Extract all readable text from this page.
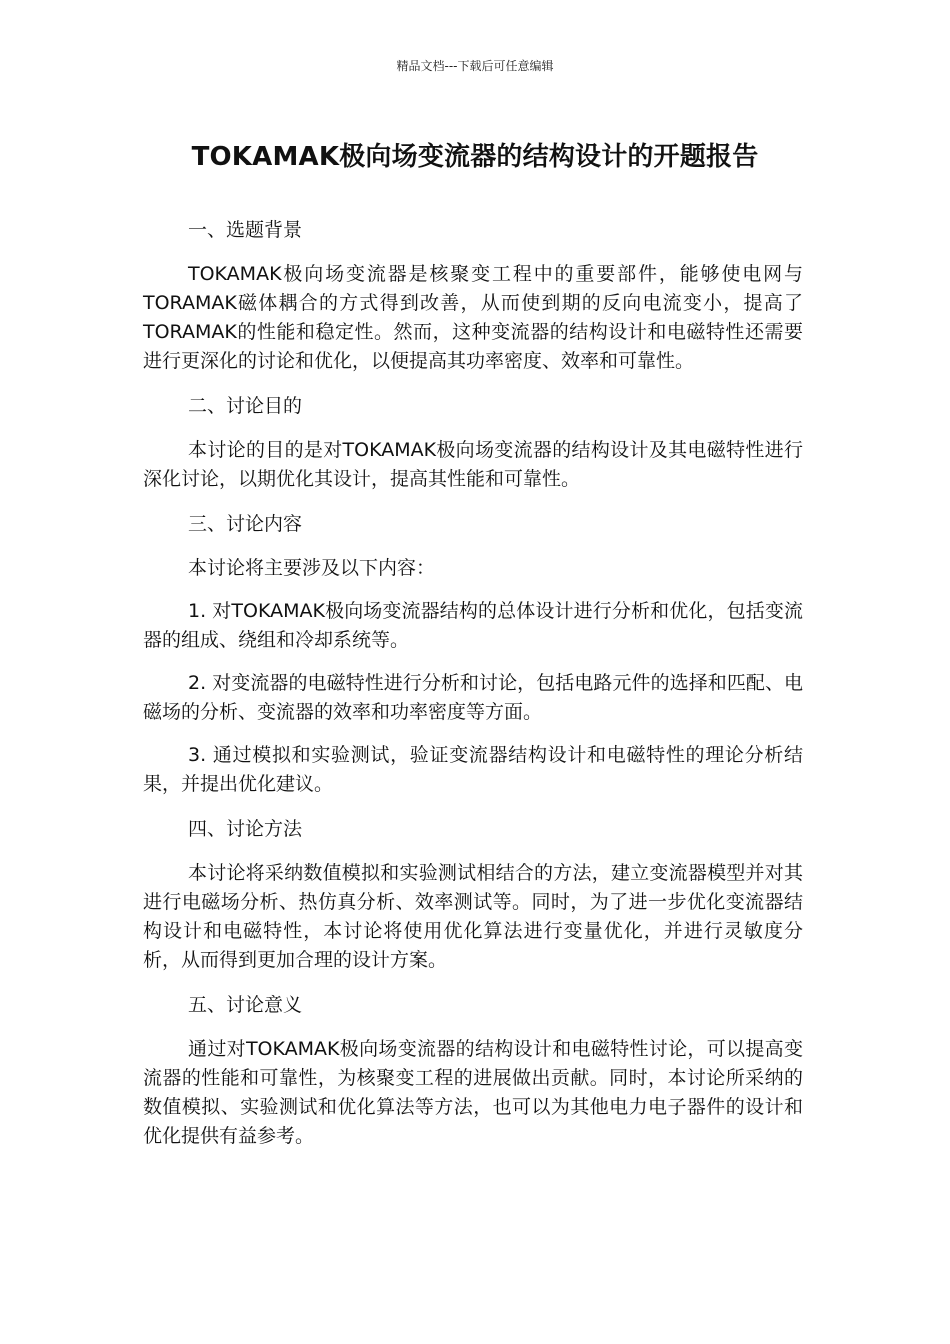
精品文档---下载后可任意编辑
TOKAMAK极向场变流器的结构设计的开题报告

一、选题背景

TOKAMAK极向场变流器是核聚变工程中的重要部件，能够使电网与TORAMAK磁体耦合的方式得到改善，从而使到期的反向电流变小，提高了TORAMAK的性能和稳定性。然而，这种变流器的结构设计和电磁特性还需要进行更深化的讨论和优化，以便提高其功率密度、效率和可靠性。

二、讨论目的

本讨论的目的是对TOKAMAK极向场变流器的结构设计及其电磁特性进行深化讨论，以期优化其设计，提高其性能和可靠性。

三、讨论内容

本讨论将主要涉及以下内容：

1. 对TOKAMAK极向场变流器结构的总体设计进行分析和优化，包括变流器的组成、绕组和冷却系统等。

2. 对变流器的电磁特性进行分析和讨论，包括电路元件的选择和匹配、电磁场的分析、变流器的效率和功率密度等方面。

3. 通过模拟和实验测试，验证变流器结构设计和电磁特性的理论分析结果，并提出优化建议。

四、讨论方法

本讨论将采纳数值模拟和实验测试相结合的方法，建立变流器模型并对其进行电磁场分析、热仿真分析、效率测试等。同时，为了进一步优化变流器结构设计和电磁特性，本讨论将使用优化算法进行变量优化，并进行灵敏度分析，从而得到更加合理的设计方案。

五、讨论意义

通过对TOKAMAK极向场变流器的结构设计和电磁特性讨论，可以提高变流器的性能和可靠性，为核聚变工程的进展做出贡献。同时，本讨论所采纳的数值模拟、实验测试和优化算法等方法，也可以为其他电力电子器件的设计和优化提供有益参考。
